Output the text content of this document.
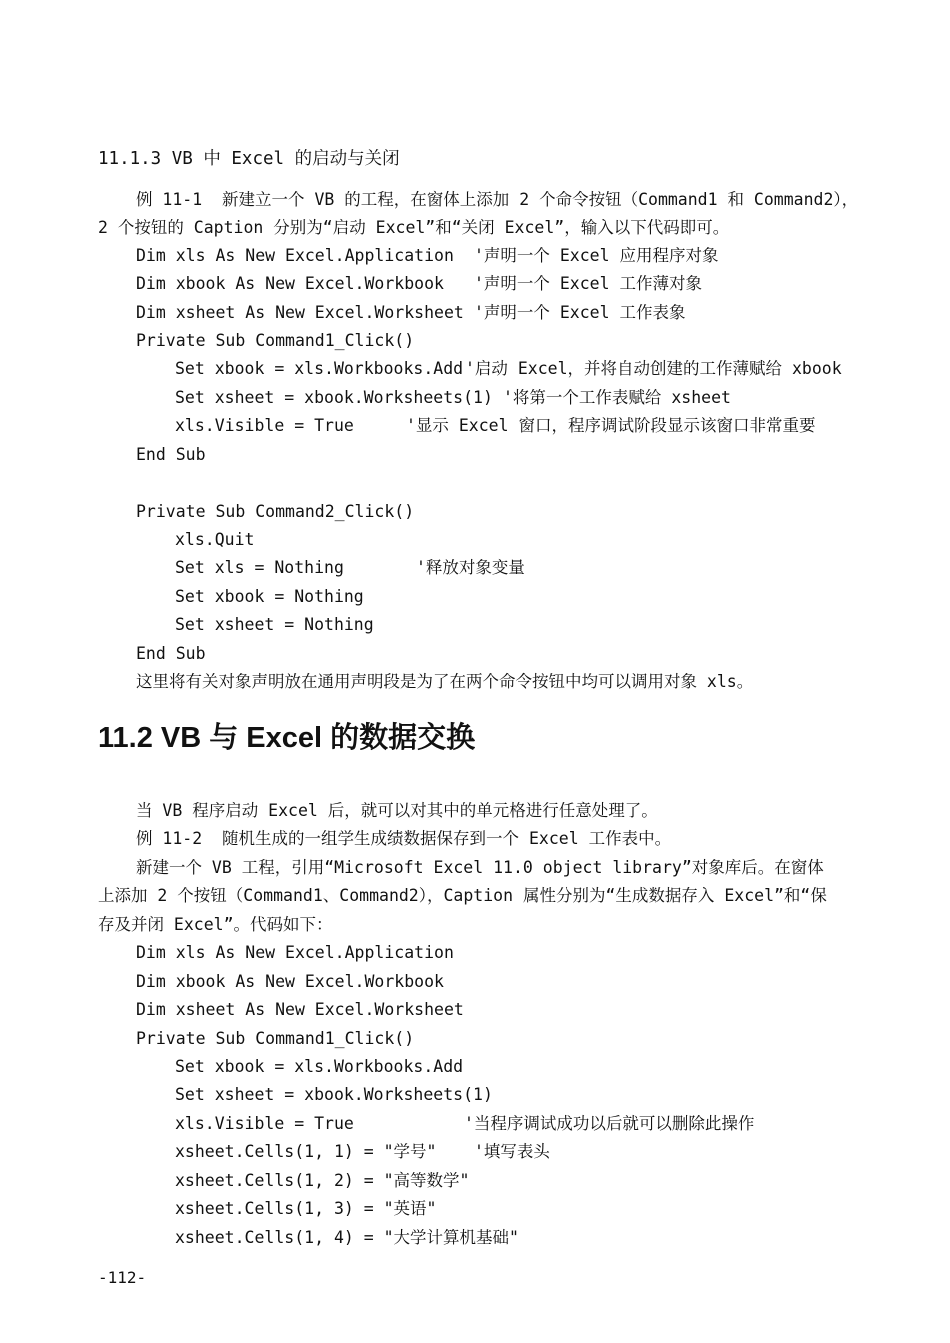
11.1.3 VB 中 Excel 的启动与关闭
例 11-1  新建立一个 VB 的工程，在窗体上添加 2 个命令按钮（Command1 和 Command2），
2 个按钮的 Caption 分别为“启动 Excel”和“关闭 Excel”，输入以下代码即可。
Dim xls As New Excel.Application '声明一个 Excel 应用程序对象
Dim xbook As New Excel.Workbook '声明一个 Excel 工作薄对象
Dim xsheet As New Excel.Worksheet '声明一个 Excel 工作表象
Private Sub Command1_Click()
Set xbook = xls.Workbooks.Add '启动 Excel，并将自动创建的工作薄赋给 xbook
Set xsheet = xbook.Worksheets(1) '将第一个工作表赋给 xsheet
xls.Visible = True	'显示 Excel 窗口，程序调试阶段显示该窗口非常重要
End Sub
Private Sub Command2_Click()
xls.Quit
Set xls = Nothing	'释放对象变量
Set xbook = Nothing
Set xsheet = Nothing
End Sub
这里将有关对象声明放在通用声明段是为了在两个命令按钮中均可以调用对象 xls。
11.2 VB 与 Excel 的数据交换
当 VB 程序启动 Excel 后，就可以对其中的单元格进行任意处理了。
例 11-2  随机生成的一组学生成绩数据保存到一个 Excel 工作表中。
新建一个 VB 工程，引用“Microsoft Excel 11.0 object library”对象库后。在窗体
上添加 2 个按钮（Command1、Command2），Caption 属性分别为“生成数据存入 Excel”和“保
存及并闭 Excel”。代码如下：
Dim xls As New Excel.Application
Dim xbook As New Excel.Workbook
Dim xsheet As New Excel.Worksheet
Private Sub Command1_Click()
Set xbook = xls.Workbooks.Add
Set xsheet = xbook.Worksheets(1)
xls.Visible = True	'当程序调试成功以后就可以删除此操作
xsheet.Cells(1, 1) = "学号" '填写表头
xsheet.Cells(1, 2) = "高等数学"
xsheet.Cells(1, 3) = "英语"
xsheet.Cells(1, 4) = "大学计算机基础"
-112-
